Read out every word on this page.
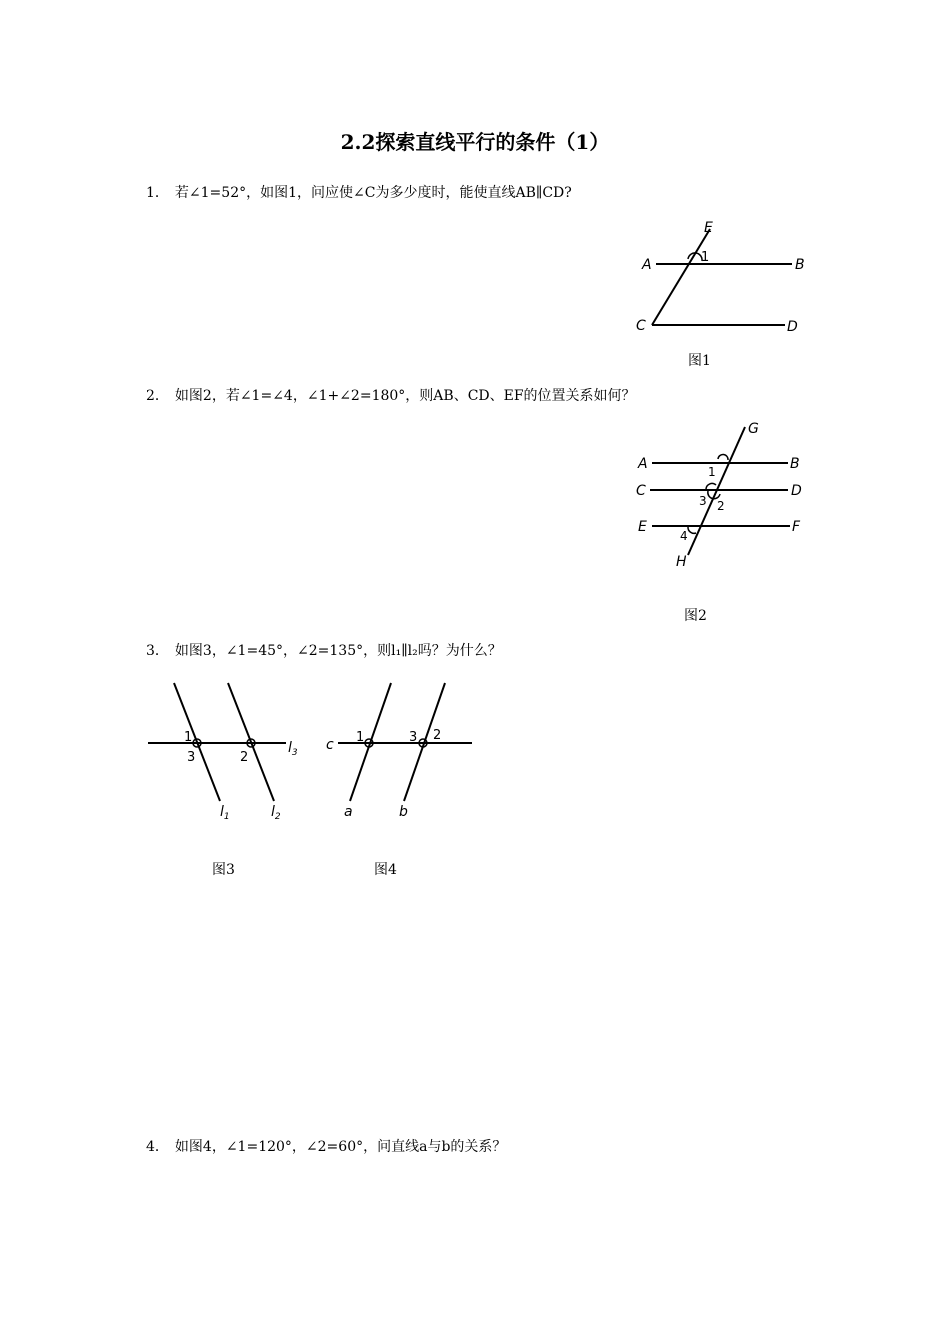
2.2探索直线平行的条件（1）
1． 若∠1=52°，如图1，问应使∠C为多少度时，能使直线AB∥CD?
E
A	B
C	D
1
图1
2． 如图2，若∠1=∠4，∠1+∠2=180°，则AB、CD、EF的位置关系如何？
G
A	B
C	D
E	F
H
1
2
3
4
图2
3． 如图3，∠1=45°，∠2=135°，则l₁∥l₂吗？为什么？
1
3	2
$l_3$
$l_1$	$l_2$
图3
c 1	3 2
a	b
图4
4． 如图4，∠1=120°，∠2=60°，问直线a与b的关系？
